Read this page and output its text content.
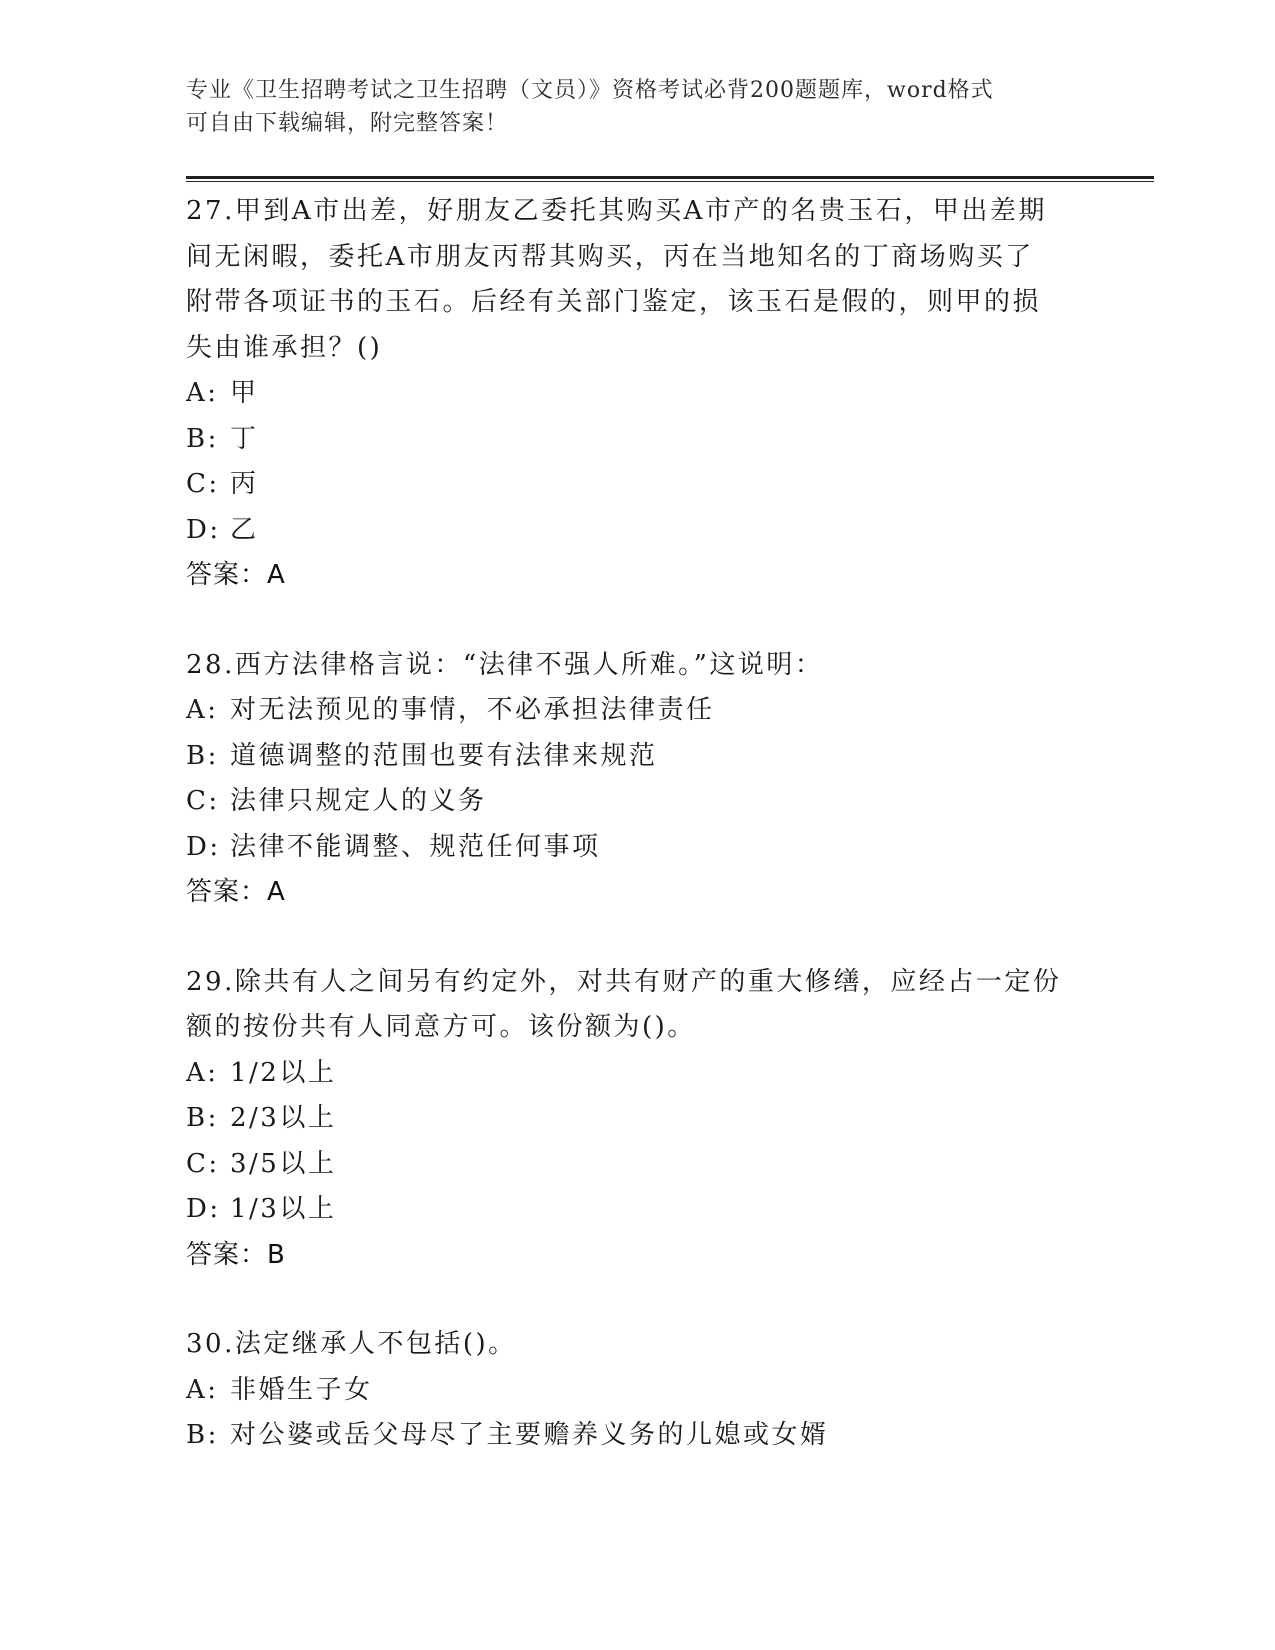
专业《卫生招聘考试之卫生招聘（文员）》资格考试必背200题题库，word格式
可自由下载编辑，附完整答案！
27.甲到A市出差，好朋友乙委托其购买A市产的名贵玉石，甲出差期
间无闲暇，委托A市朋友丙帮其购买，丙在当地知名的丁商场购买了
附带各项证书的玉石。后经有关部门鉴定，该玉石是假的，则甲的损
失由谁承担？()
A: 甲
B: 丁
C: 丙
D: 乙
答案：A
28.西方法律格言说：“法律不强人所难。”这说明：
A: 对无法预见的事情，不必承担法律责任
B: 道德调整的范围也要有法律来规范
C: 法律只规定人的义务
D: 法律不能调整、规范任何事项
答案：A
29.除共有人之间另有约定外，对共有财产的重大修缮，应经占一定份
额的按份共有人同意方可。该份额为()。
A: 1/2以上
B: 2/3以上
C: 3/5以上
D: 1/3以上
答案：B
30.法定继承人不包括()。
A: 非婚生子女
B: 对公婆或岳父母尽了主要赡养义务的儿媳或女婿
